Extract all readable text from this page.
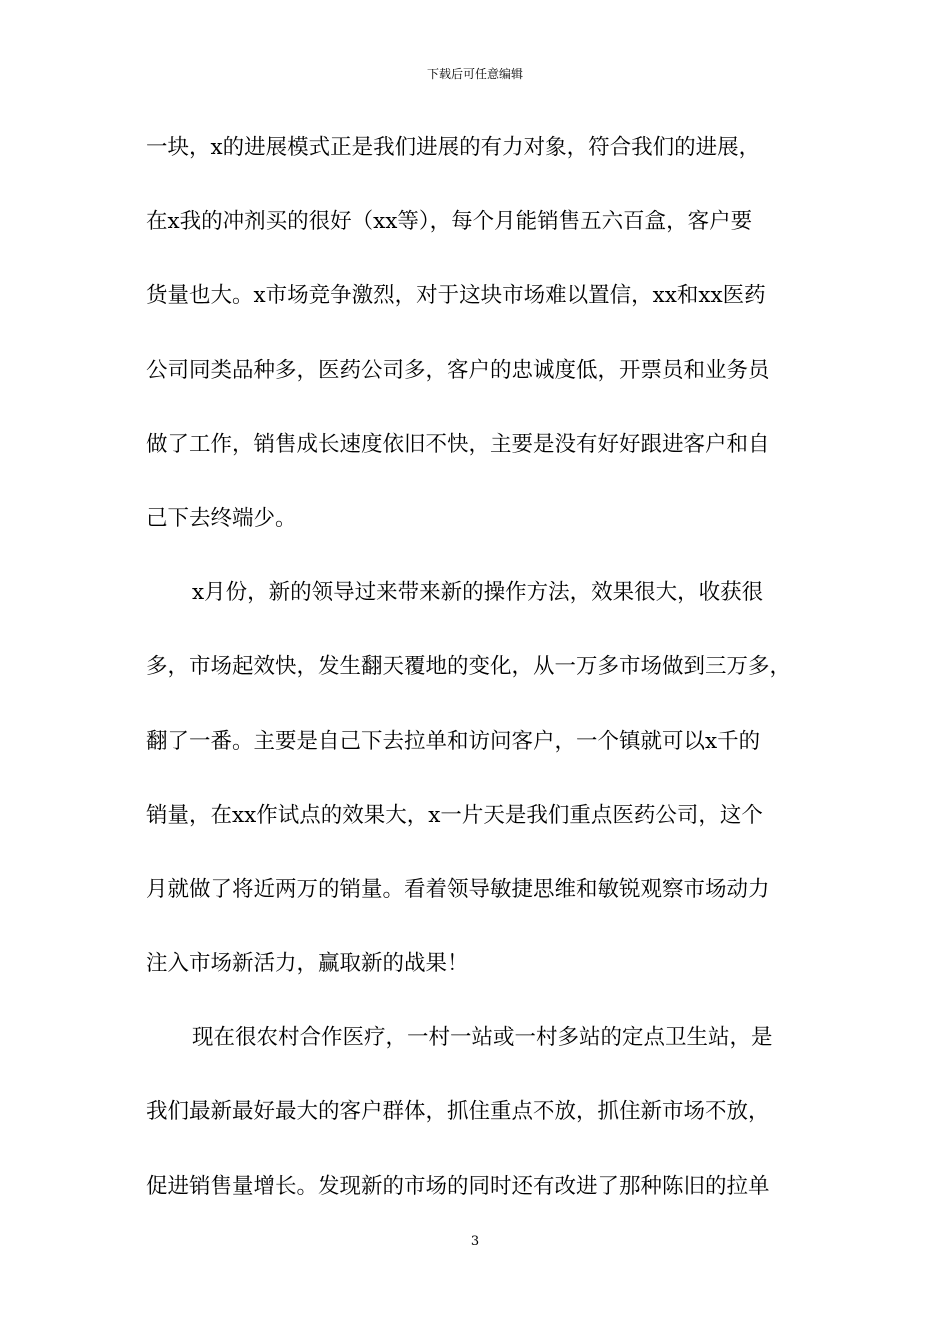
下载后可任意编辑
一块，x的进展模式正是我们进展的有力对象，符合我们的进展，
在x我的冲剂买的很好（xx等），每个月能销售五六百盒，客户要
货量也大。x市场竞争激烈，对于这块市场难以置信，xx和xx医药
公司同类品种多，医药公司多，客户的忠诚度低，开票员和业务员
做了工作，销售成长速度依旧不快，主要是没有好好跟进客户和自
己下去终端少。
x月份，新的领导过来带来新的操作方法，效果很大，收获很
多，市场起效快，发生翻天覆地的变化，从一万多市场做到三万多，
翻了一番。主要是自己下去拉单和访问客户，一个镇就可以x千的
销量，在xx作试点的效果大，x一片天是我们重点医药公司，这个
月就做了将近两万的销量。看着领导敏捷思维和敏锐观察市场动力
注入市场新活力，赢取新的战果！
现在很农村合作医疗，一村一站或一村多站的定点卫生站，是
我们最新最好最大的客户群体，抓住重点不放，抓住新市场不放，
促进销售量增长。发现新的市场的同时还有改进了那种陈旧的拉单
3
